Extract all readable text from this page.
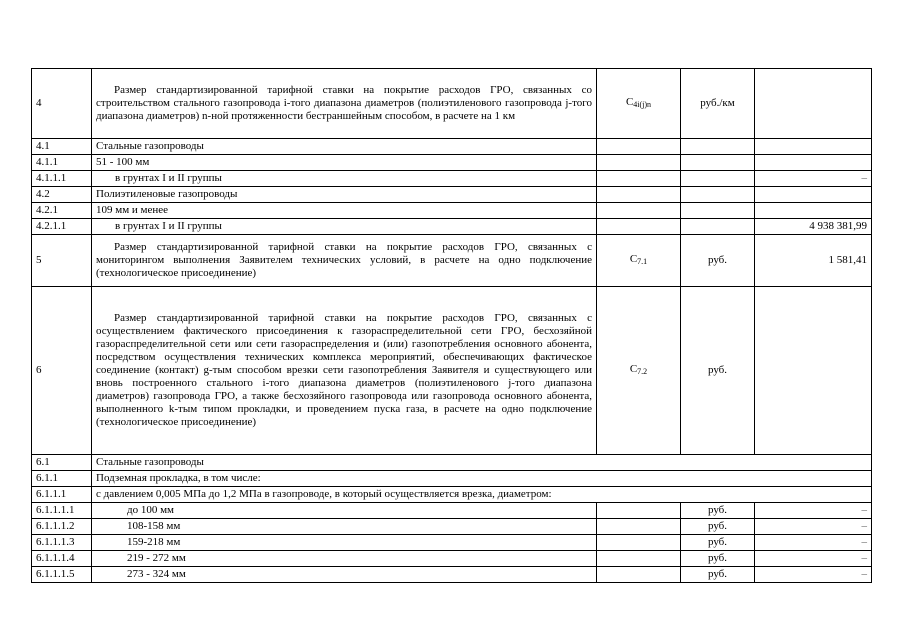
4	Размер стандартизированной тарифной ставки на покрытие расходов ГРО, связанных со строительством стального газопровода i-того диапазона диаметров (полиэтиленового газопровода j-того диапазона диаметров) n-ной протяженности бестраншейным способом, в расчете на 1 км	$С_{4i(j)n}$	руб./км	
4.1	Стальные газопроводы			
4.1.1	51 - 100 мм			
4.1.1.1	в грунтах I и II группы			–
4.2	Полиэтиленовые газопроводы			
4.2.1	109 мм и менее			
4.2.1.1	в грунтах I и II группы			4 938 381,99
5	Размер стандартизированной тарифной ставки на покрытие расходов ГРО, связанных с мониторингом выполнения Заявителем технических условий, в расчете на одно подключение (технологическое присоединение)	$С_{7.1}$	руб.	1 581,41
6	Размер стандартизированной тарифной ставки на покрытие расходов ГРО, связанных с осуществлением фактического присоединения к газораспределительной сети ГРО, бесхозяйной газораспределительной сети или сети газораспределения и (или) газопотребления основного абонента, посредством осуществления технических комплекса мероприятий, обеспечивающих фактическое соединение (контакт) g-тым способом врезки сети газопотребления Заявителя и существующего или вновь построенного стального i-того диапазона диаметров (полиэтиленового j-того диапазона диаметров) газопровода ГРО, а также бесхозяйного газопровода или газопровода основного абонента, выполненного k-тым типом прокладки, и проведением пуска газа, в расчете на одно подключение (технологическое присоединение)	$С_{7.2}$	руб.	
6.1	Стальные газопроводы			
6.1.1	Подземная прокладка, в том числе:			
6.1.1.1	с давлением 0,005 МПа до 1,2 МПа в газопроводе, в который осуществляется врезка, диаметром:			
6.1.1.1.1	до 100 мм		руб.	–
6.1.1.1.2	108-158 мм		руб.	–
6.1.1.1.3	159-218 мм		руб.	–
6.1.1.1.4	219 - 272 мм		руб.	–
6.1.1.1.5	273 - 324 мм		руб.	–
